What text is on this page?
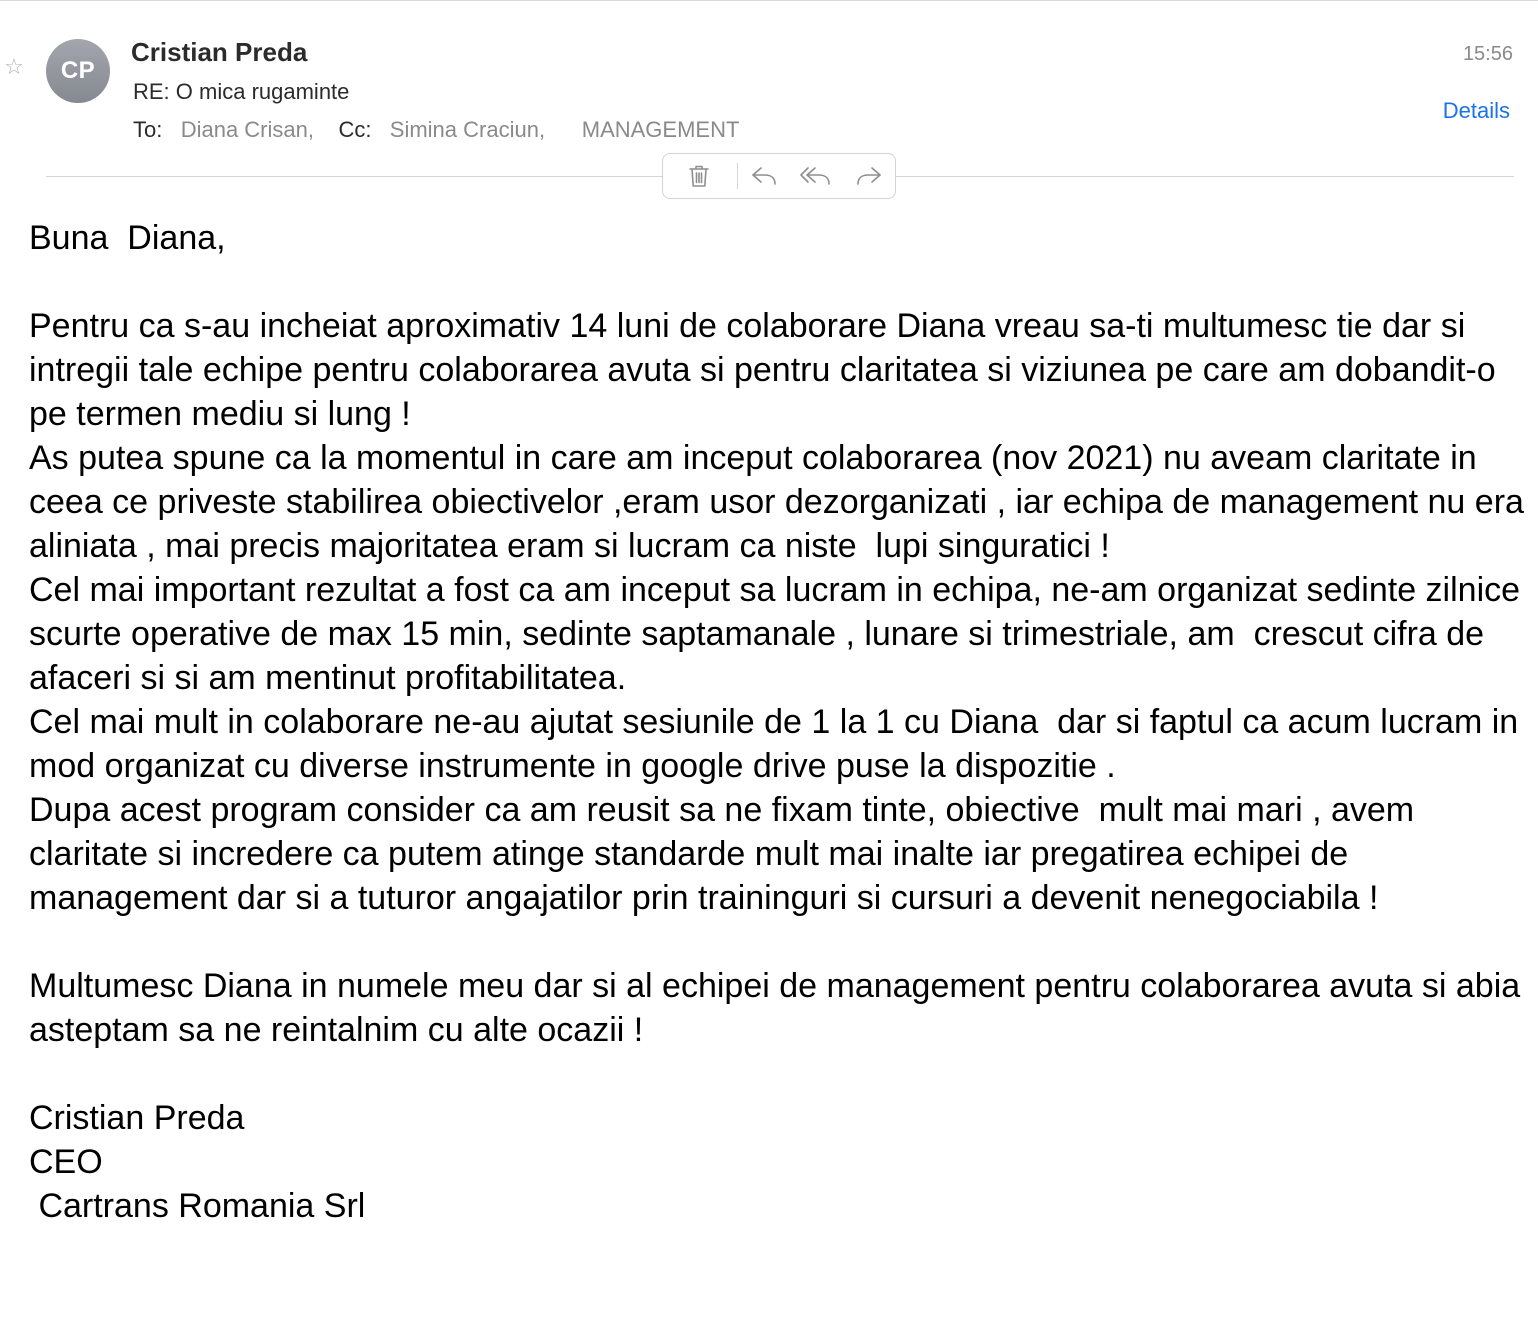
☆ CP
Cristian Preda
RE: O mica rugaminte
To: Diana Crisan, Cc: Simina Craciun, MANAGEMENT
15:56
Details

Buna  Diana,

Pentru ca s-au incheiat aproximativ 14 luni de colaborare Diana vreau sa-ti multumesc tie dar si intregii tale echipe pentru colaborarea avuta si pentru claritatea si viziunea pe care am dobandit-o pe termen mediu si lung !

As putea spune ca la momentul in care am inceput colaborarea (nov 2021) nu aveam claritate in ceea ce priveste stabilirea obiectivelor ,eram usor dezorganizati , iar echipa de management nu era aliniata , mai precis majoritatea eram si lucram ca niste  lupi singuratici !

Cel mai important rezultat a fost ca am inceput sa lucram in echipa, ne-am organizat sedinte zilnice scurte operative de max 15 min, sedinte saptamanale , lunare si trimestriale, am  crescut cifra de afaceri si si am mentinut profitabilitatea.

Cel mai mult in colaborare ne-au ajutat sesiunile de 1 la 1 cu Diana  dar si faptul ca acum lucram in mod organizat cu diverse instrumente in google drive puse la dispozitie .

Dupa acest program consider ca am reusit sa ne fixam tinte, obiective  mult mai mari , avem claritate si incredere ca putem atinge standarde mult mai inalte iar pregatirea echipei de management dar si a tuturor angajatilor prin traininguri si cursuri a devenit nenegociabila !

Multumesc Diana in numele meu dar si al echipei de management pentru colaborarea avuta si abia asteptam sa ne reintalnim cu alte ocazii !

Cristian Preda

CEO

Cartrans Romania Srl
